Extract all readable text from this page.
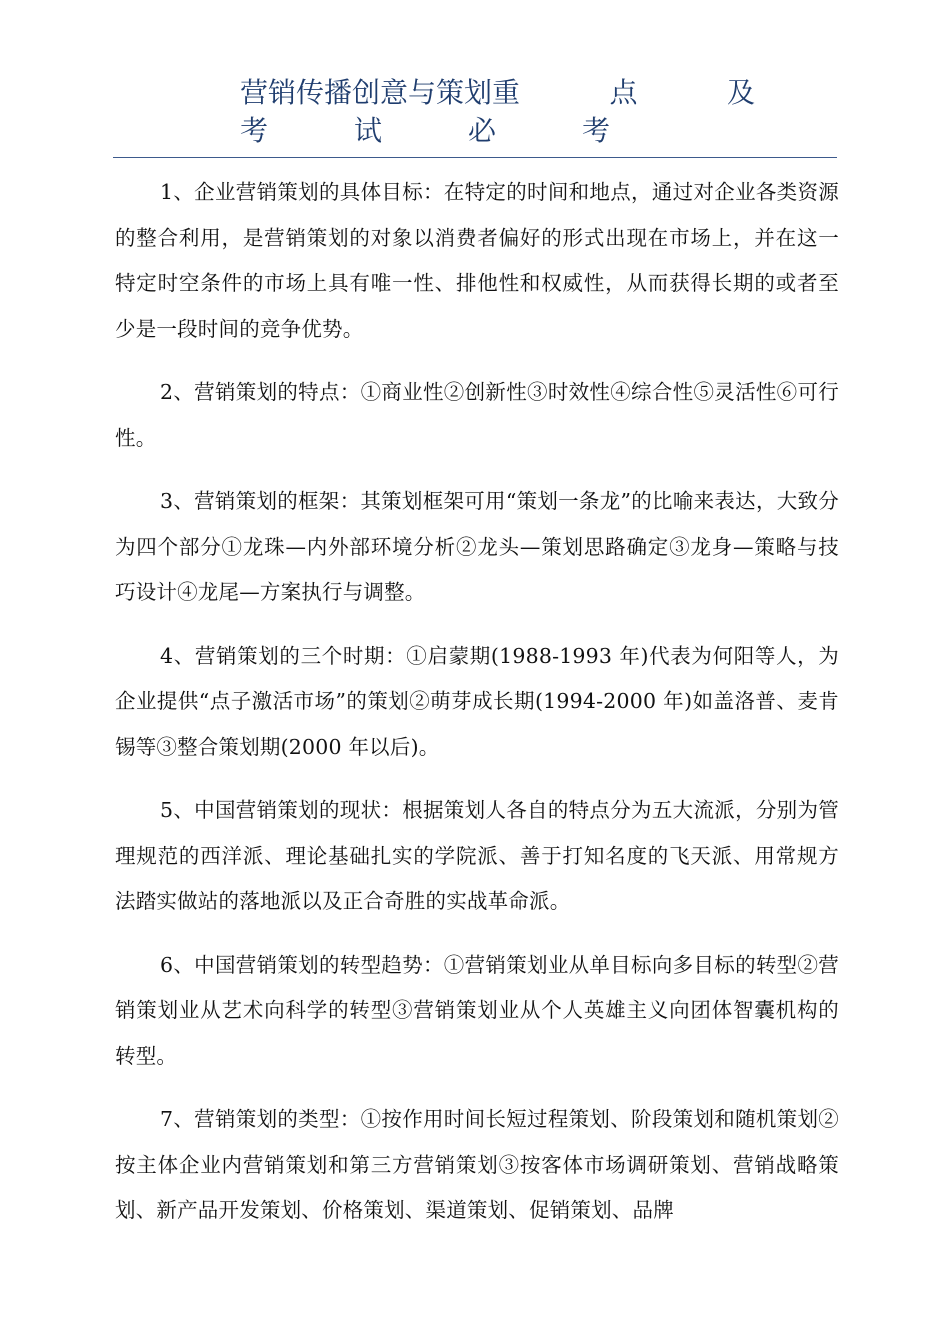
营销传播创意与策划重	点	及
考	试	必	考

1、企业营销策划的具体目标：在特定的时间和地点，通过对企业各类资源的整合利用，是营销策划的对象以消费者偏好的形式出现在市场上，并在这一特定时空条件的市场上具有唯一性、排他性和权威性，从而获得长期的或者至少是一段时间的竞争优势。

2、营销策划的特点：①商业性②创新性③时效性④综合性⑤灵活性⑥可行性。

3、营销策划的框架：其策划框架可用“策划一条龙”的比喻来表达，大致分为四个部分①龙珠—内外部环境分析②龙头—策划思路确定③龙身—策略与技巧设计④龙尾—方案执行与调整。

4、营销策划的三个时期：①启蒙期(1988-1993 年)代表为何阳等人，为企业提供“点子激活市场”的策划②萌芽成长期(1994-2000 年)如盖洛普、麦肯锡等③整合策划期(2000 年以后)。

5、中国营销策划的现状：根据策划人各自的特点分为五大流派，分别为管理规范的西洋派、理论基础扎实的学院派、善于打知名度的飞天派、用常规方法踏实做站的落地派以及正合奇胜的实战革命派。

6、中国营销策划的转型趋势：①营销策划业从单目标向多目标的转型②营销策划业从艺术向科学的转型③营销策划业从个人英雄主义向团体智囊机构的转型。

7、营销策划的类型：①按作用时间长短过程策划、阶段策划和随机策划②按主体企业内营销策划和第三方营销策划③按客体市场调研策划、营销战略策划、新产品开发策划、价格策划、渠道策划、促销策划、品牌
